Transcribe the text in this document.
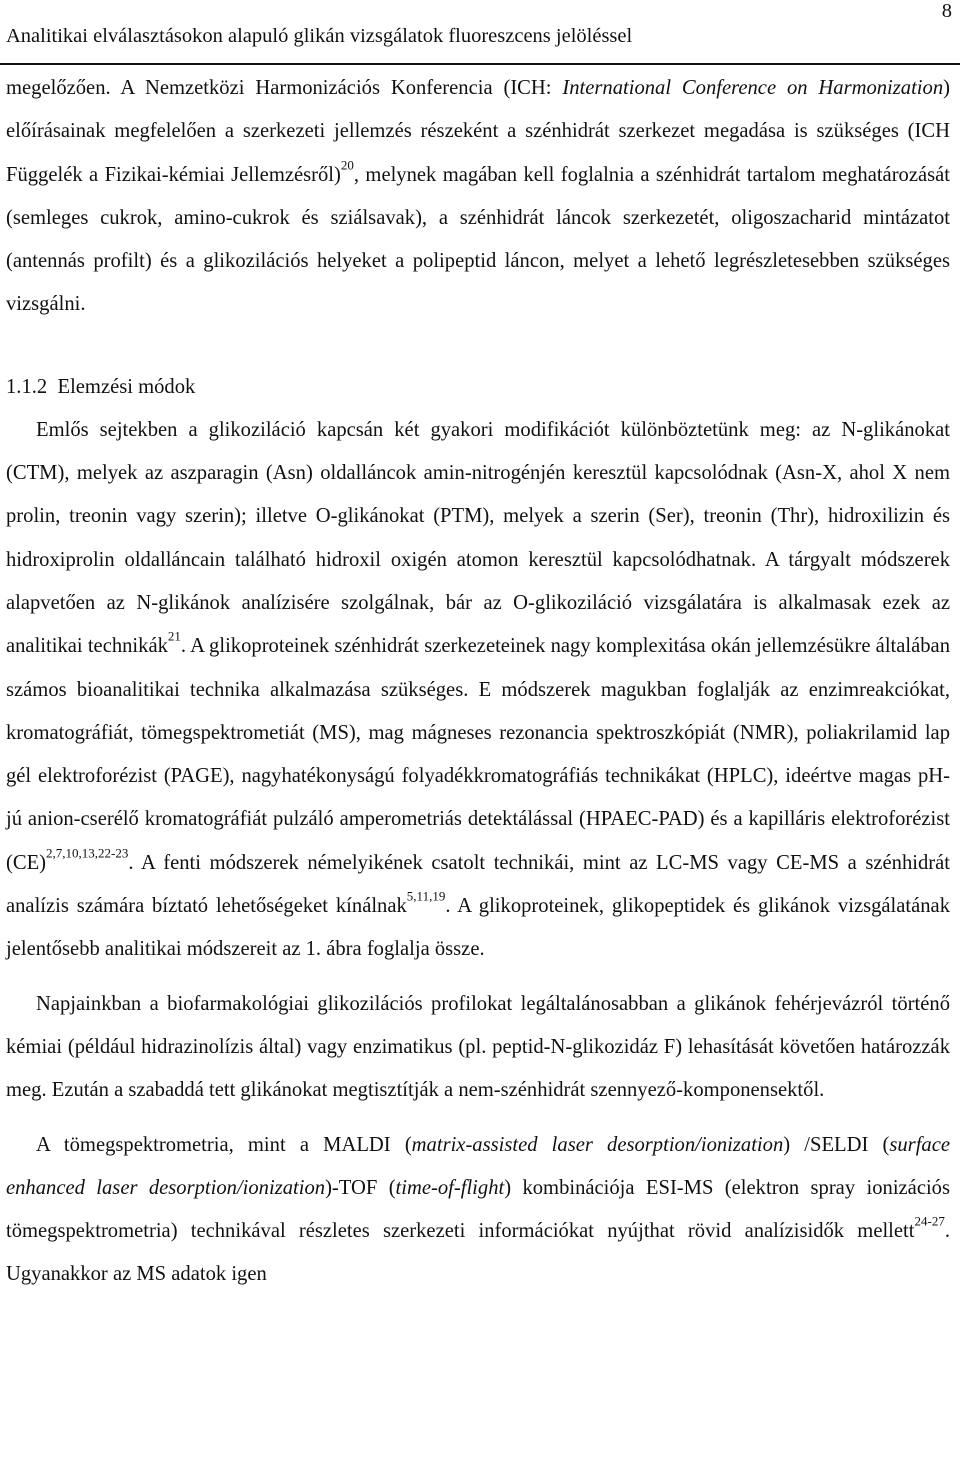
Analitikai elválasztásokon alapuló glikán vizsgálatok fluoreszcens jelöléssel
8

megelőzően. A Nemzetközi Harmonizációs Konferencia (ICH: International Conference on Harmonization) előírásainak megfelelően a szerkezeti jellemzés részeként a szénhidrát szerkezet megadása is szükséges (ICH Függelék a Fizikai-kémiai Jellemzésről)$^{20}$, melynek magában kell foglalnia a szénhidrát tartalom meghatározását (semleges cukrok, amino-cukrok és sziálsavak), a szénhidrát láncok szerkezetét, oligoszacharid mintázatot (antennás profilt) és a glikozilációs helyeket a polipeptid láncon, melyet a lehető legrészletesebben szükséges vizsgálni.

1.1.2 Elemzési módok

Emlős sejtekben a glikoziláció kapcsán két gyakori modifikációt különböztetünk meg: az N-glikánokat (CTM), melyek az aszparagin (Asn) oldalláncok amin-nitrogénjén keresztül kapcsolódnak (Asn-X, ahol X nem prolin, treonin vagy szerin); illetve O-glikánokat (PTM), melyek a szerin (Ser), treonin (Thr), hidroxilizin és hidroxiprolin oldalláncain található hidroxil oxigén atomon keresztül kapcsolódhatnak. A tárgyalt módszerek alapvetően az N-glikánok analízisére szolgálnak, bár az O-glikoziláció vizsgálatára is alkalmasak ezek az analitikai technikák$^{21}$. A glikoproteinek szénhidrát szerkezeteinek nagy komplexitása okán jellemzésükre általában számos bioanalitikai technika alkalmazása szükséges. E módszerek magukban foglalják az enzimreakciókat, kromatográfiát, tömegspektrometiát (MS), mag mágneses rezonancia spektroszkópiát (NMR), poliakrilamid lap gél elektroforézist (PAGE), nagyhatékonyságú folyadékkromatográfiás technikákat (HPLC), ideértve magas pH-jú anion-cserélő kromatográfiát pulzáló amperometriás detektálással (HPAEC-PAD) és a kapilláris elektroforézist (CE)$^{2,7,10,13,22-23}$. A fenti módszerek némelyikének csatolt technikái, mint az LC-MS vagy CE-MS a szénhidrát analízis számára bíztató lehetőségeket kínálnak$^{5,11,19}$. A glikoproteinek, glikopeptidek és glikánok vizsgálatának jelentősebb analitikai módszereit az 1. ábra foglalja össze.

Napjainkban a biofarmakológiai glikozilációs profilokat legáltalánosabban a glikánok fehérjevázról történő kémiai (például hidrazinolízis által) vagy enzimatikus (pl. peptid-N-glikozidáz F) lehasítását követően határozzák meg. Ezután a szabaddá tett glikánokat megtisztítják a nem-szénhidrát szennyező-komponensektől.

A tömegspektrometria, mint a MALDI (matrix-assisted laser desorption/ionization) /SELDI (surface enhanced laser desorption/ionization)-TOF (time-of-flight) kombinációja ESI-MS (elektron spray ionizációs tömegspektrometria) technikával részletes szerkezeti információkat nyújthat rövid analízisidők mellett$^{24-27}$. Ugyanakkor az MS adatok igen
